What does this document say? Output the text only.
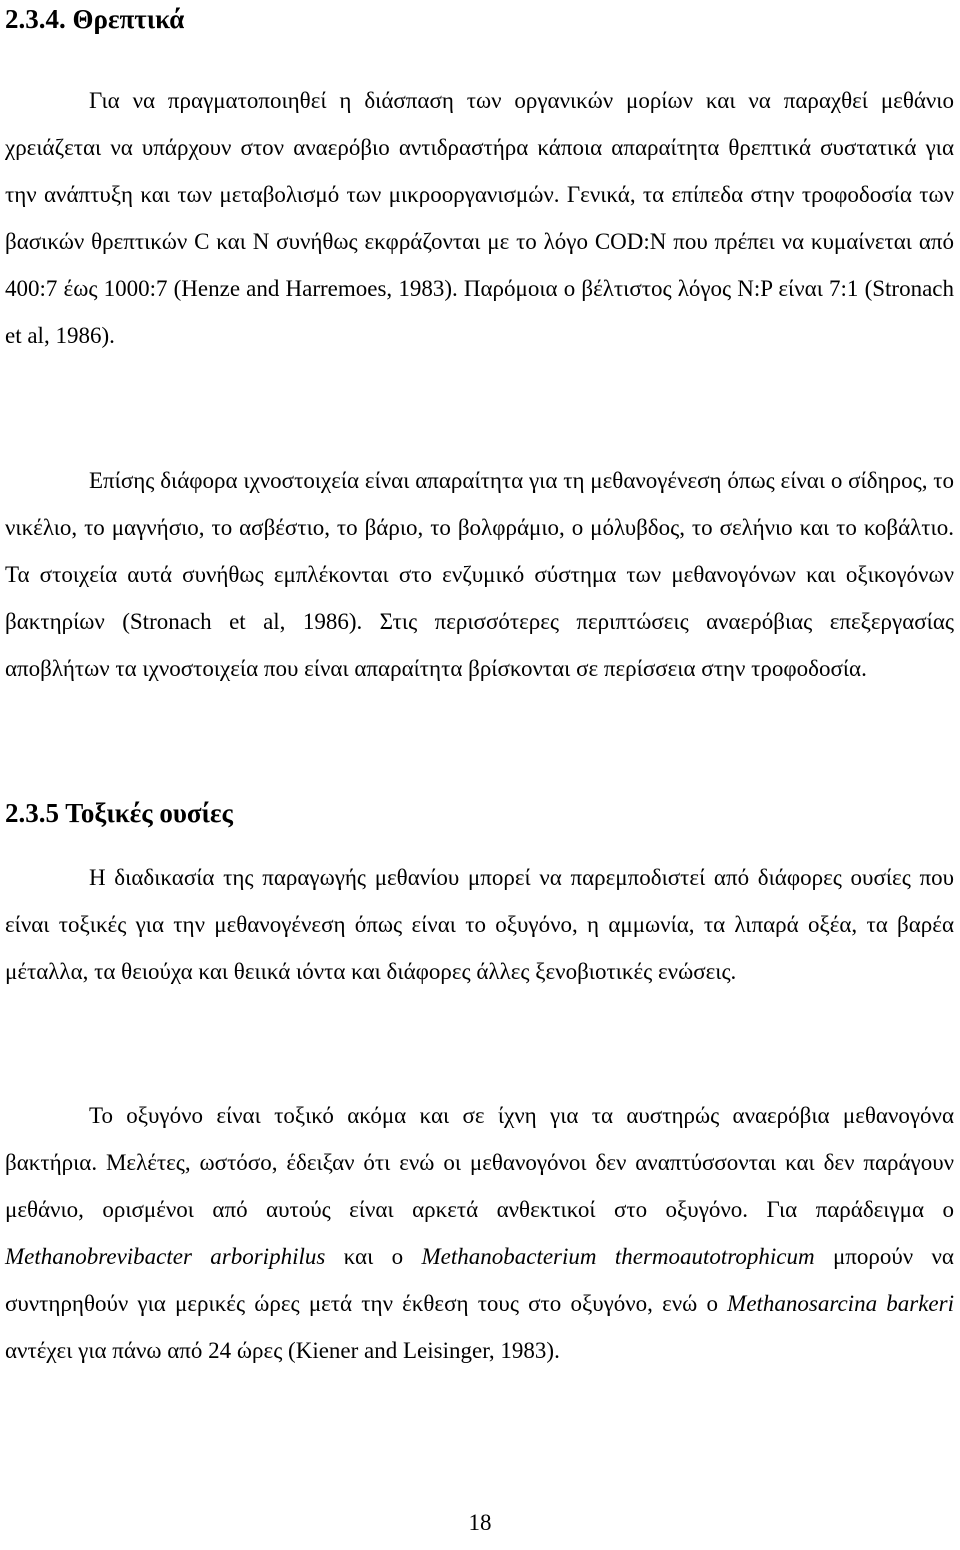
2.3.4. Θρεπτικά

Για να πραγματοποιηθεί η διάσπαση των οργανικών μορίων και να παραχθεί μεθάνιο χρειάζεται να υπάρχουν στον αναερόβιο αντιδραστήρα κάποια απαραίτητα θρεπτικά συστατικά για την ανάπτυξη και των μεταβολισμό των μικροοργανισμών. Γενικά, τα επίπεδα στην τροφοδοσία των βασικών θρεπτικών C και N συνήθως εκφράζονται με το λόγο COD:N που πρέπει να κυμαίνεται από 400:7 έως 1000:7 (Henze and Harremoes, 1983). Παρόμοια ο βέλτιστος λόγος N:P είναι 7:1 (Stronach et al, 1986).

Επίσης διάφορα ιχνοστοιχεία είναι απαραίτητα για τη μεθανογένεση όπως είναι ο σίδηρος, το νικέλιο, το μαγνήσιο, το ασβέστιο, το βάριο, το βολφράμιο, ο μόλυβδος, το σελήνιο και το κοβάλτιο. Τα στοιχεία αυτά συνήθως εμπλέκονται στο ενζυμικό σύστημα των μεθανογόνων και οξικογόνων βακτηρίων (Stronach et al, 1986). Στις περισσότερες περιπτώσεις αναερόβιας επεξεργασίας αποβλήτων τα ιχνοστοιχεία που είναι απαραίτητα βρίσκονται σε περίσσεια στην τροφοδοσία.

2.3.5 Τοξικές ουσίες

Η διαδικασία της παραγωγής μεθανίου μπορεί να παρεμποδιστεί από διάφορες ουσίες που είναι τοξικές για την μεθανογένεση όπως είναι το οξυγόνο, η αμμωνία, τα λιπαρά οξέα, τα βαρέα μέταλλα, τα θειούχα και θειικά ιόντα και διάφορες άλλες ξενοβιοτικές ενώσεις.

Το οξυγόνο είναι τοξικό ακόμα και σε ίχνη για τα αυστηρώς αναερόβια μεθανογόνα βακτήρια. Μελέτες, ωστόσο, έδειξαν ότι ενώ οι μεθανογόνοι δεν αναπτύσσονται και δεν παράγουν μεθάνιο, ορισμένοι από αυτούς είναι αρκετά ανθεκτικοί στο οξυγόνο. Για παράδειγμα ο Methanobrevibacter arboriphilus και ο Methanobacterium thermoautotrophicum μπορούν να συντηρηθούν για μερικές ώρες μετά την έκθεση τους στο οξυγόνο, ενώ ο Methanosarcina barkeri αντέχει για πάνω από 24 ώρες (Kiener and Leisinger, 1983).

18
